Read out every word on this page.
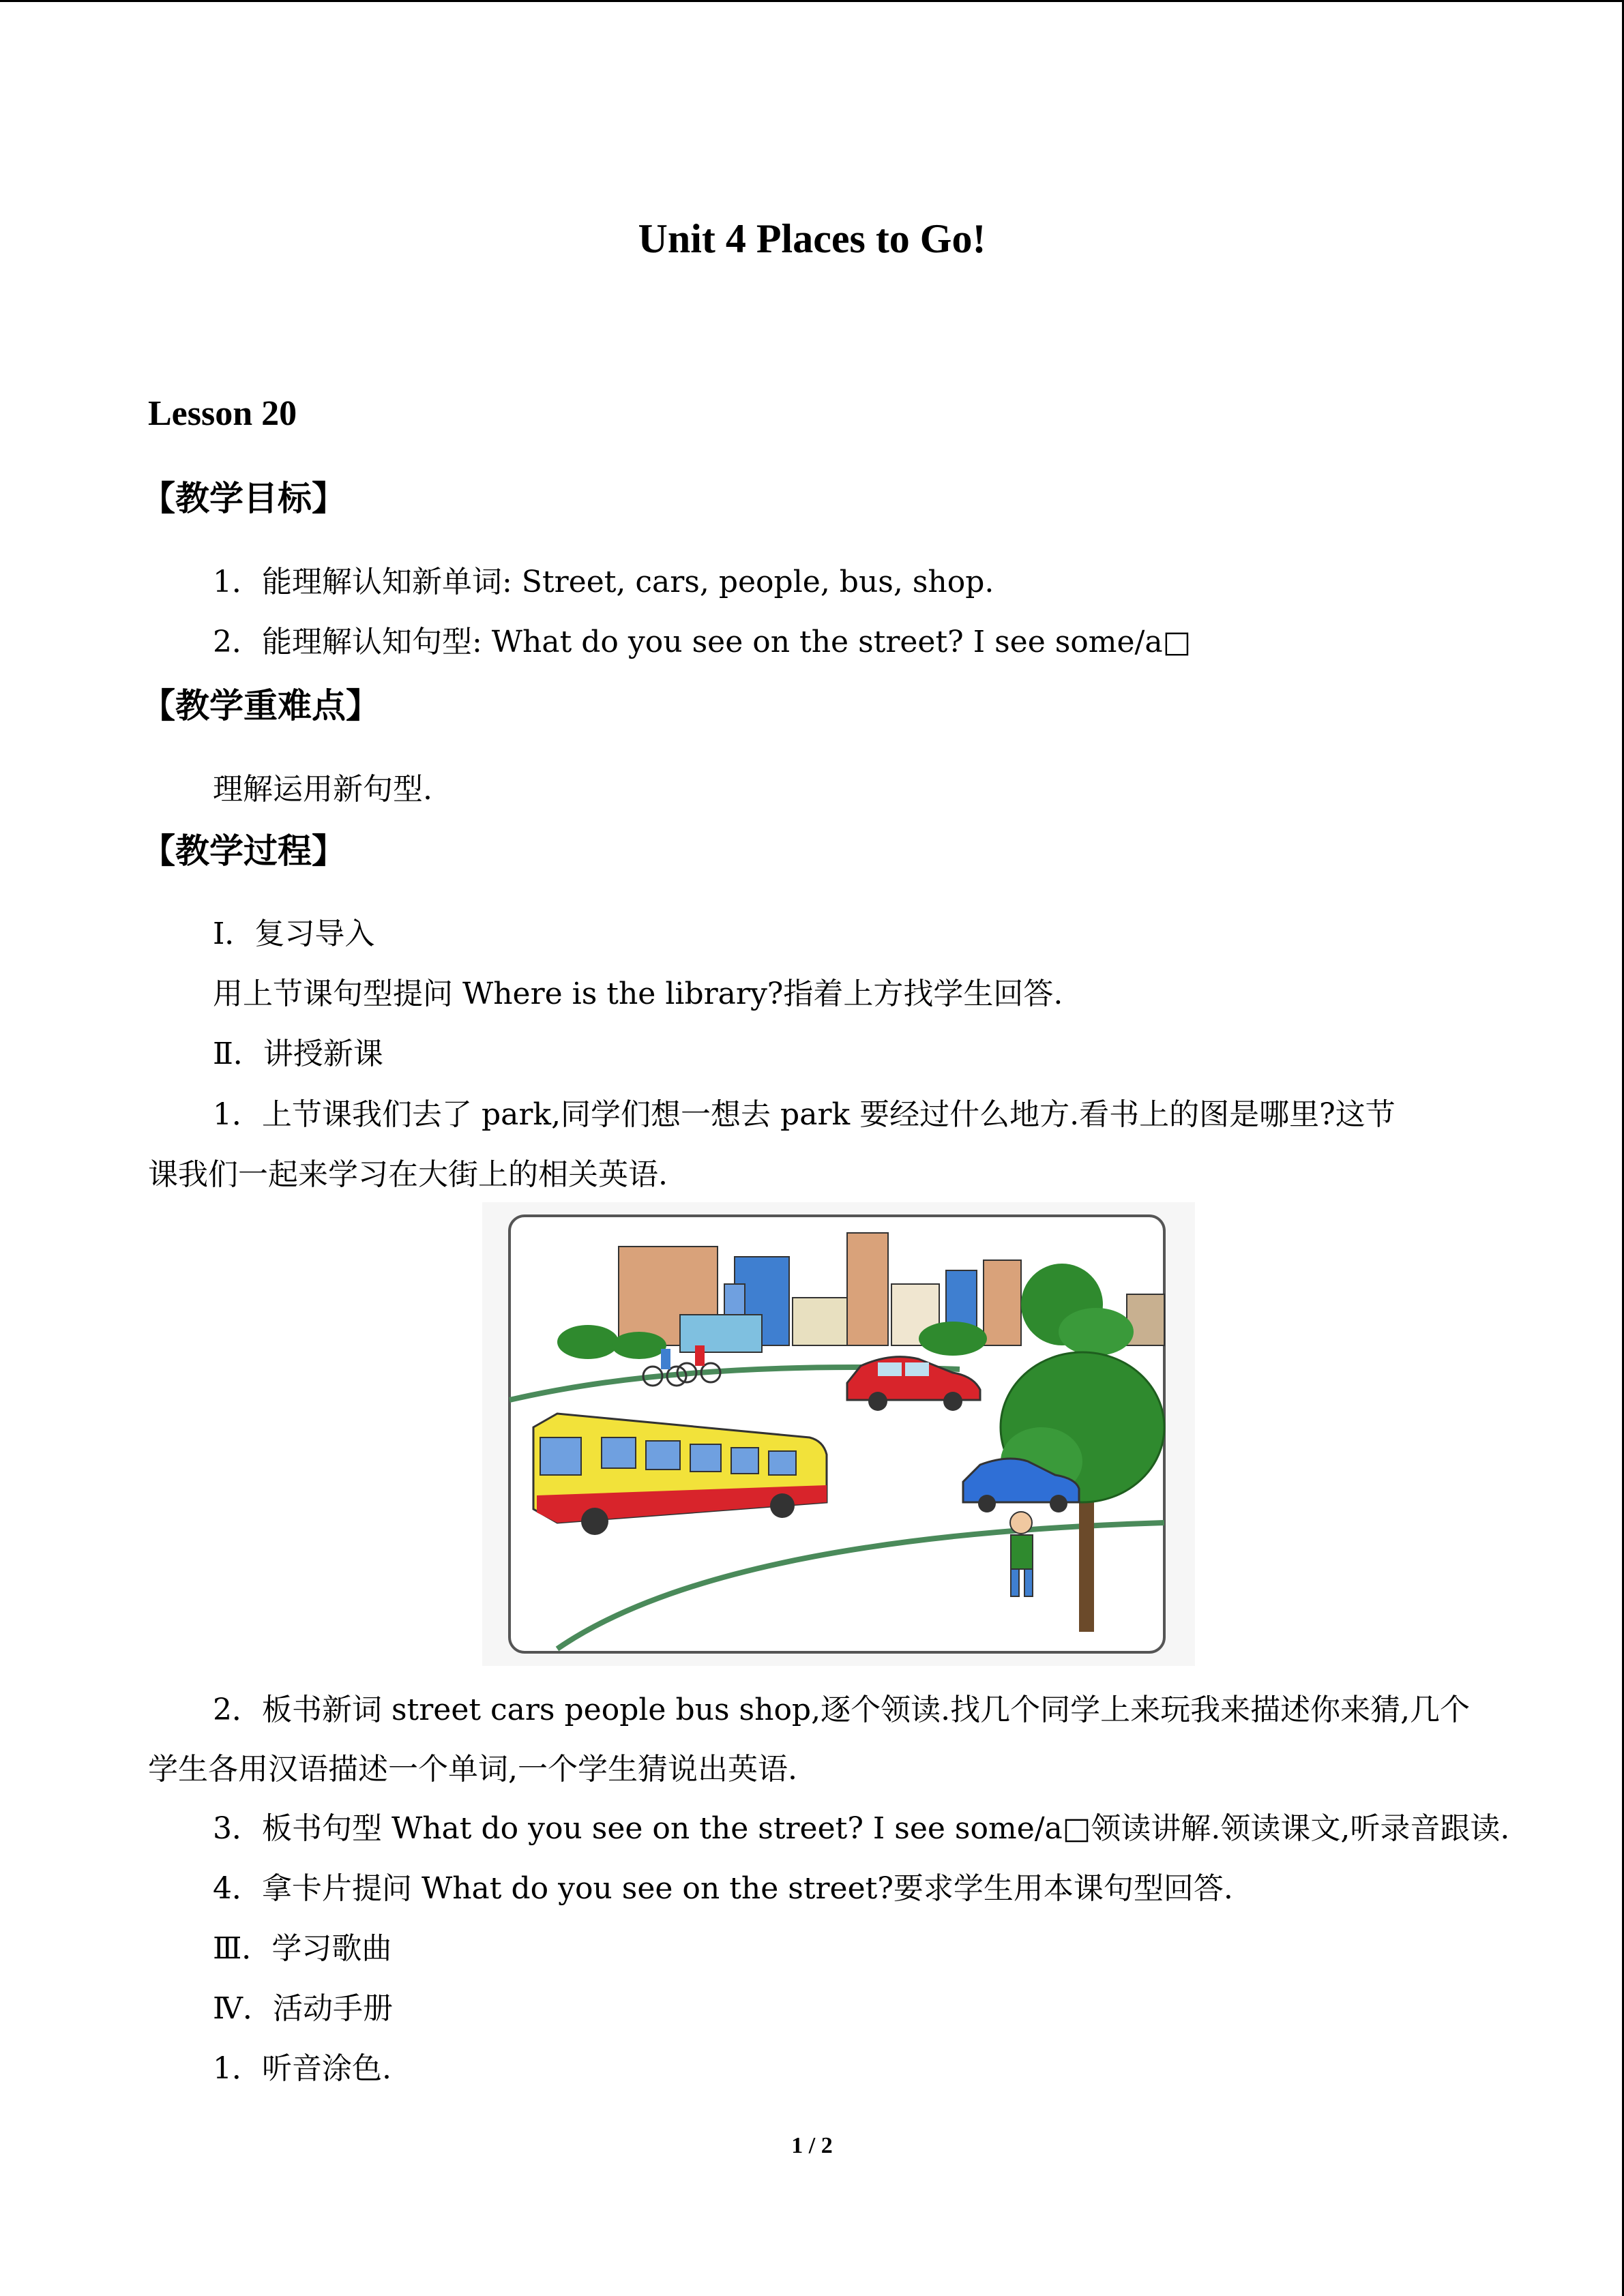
Unit 4 Places to Go!
Lesson 20
【教学目标】
1．能理解认知新单词: Street, cars, people, bus, shop.
2．能理解认知句型: What do you see on the street? I see some/a□
【教学重难点】
理解运用新句型.
【教学过程】
Ⅰ．复习导入
用上节课句型提问 Where is the library?指着上方找学生回答.
Ⅱ．讲授新课
1．上节课我们去了 park,同学们想一想去 park 要经过什么地方.看书上的图是哪里?这节
课我们一起来学习在大街上的相关英语.
2．板书新词 street cars people bus shop,逐个领读.找几个同学上来玩我来描述你来猜,几个
学生各用汉语描述一个单词,一个学生猜说出英语.
3．板书句型 What do you see on the street? I see some/a□领读讲解.领读课文,听录音跟读.
4．拿卡片提问 What do you see on the street?要求学生用本课句型回答.
Ⅲ．学习歌曲
Ⅳ．活动手册
1．听音涂色.
1 / 2
